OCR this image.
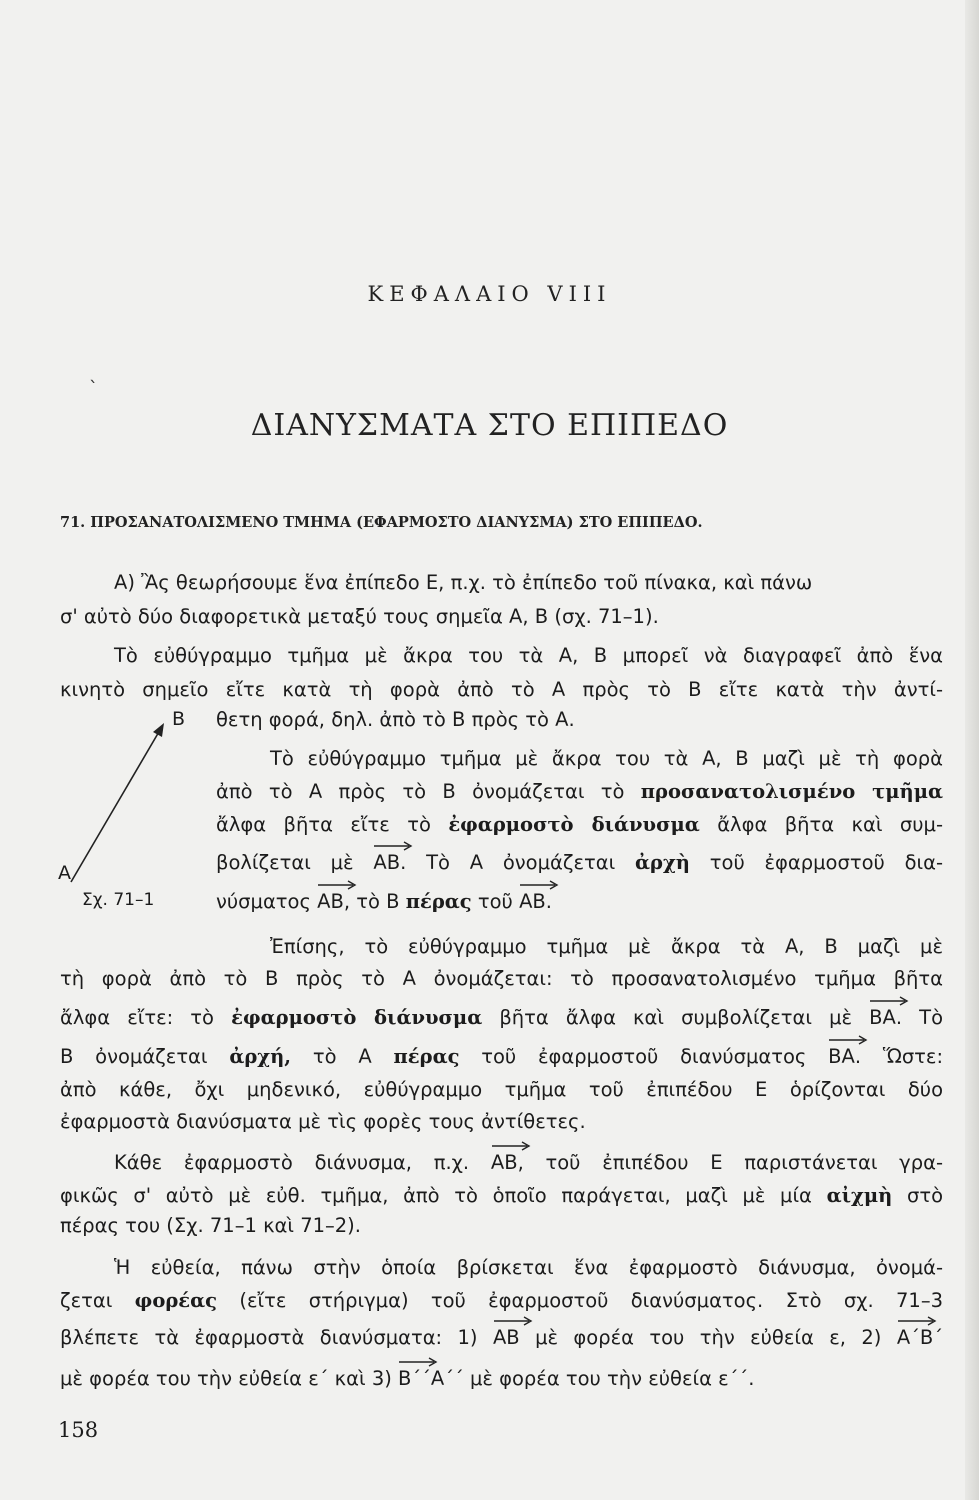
ΚΕΦΑΛΑΙΟ VIII
`
ΔΙΑΝΥΣΜΑΤΑ ΣΤΟ ΕΠΙΠΕΔΟ
71. ΠΡΟΣΑΝΑΤΟΛΙΣΜΕΝΟ ΤΜΗΜΑ (ΕΦΑΡΜΟΣΤΟ ΔΙΑΝΥΣΜΑ) ΣΤΟ ΕΠΙΠΕΔΟ.
B
A
Σχ. 71–1
Α) Ἂς θεωρήσουμε ἕνα ἐπίπεδο Ε, π.χ. τὸ ἐπίπεδο τοῦ πίνακα, καὶ πάνω
σ' αὐτὸ δύο διαφορετικὰ μεταξύ τους σημεῖα Α, Β (σχ. 71–1).
Τὸ εὐθύγραμμο τμῆμα μὲ ἄκρα του τὰ Α, Β μπορεῖ νὰ διαγραφεῖ ἀπὸ ἕνα
κινητὸ σημεῖο εἴτε κατὰ τὴ φορὰ ἀπὸ τὸ Α πρὸς τὸ Β εἴτε κατὰ τὴν ἀντί-
θετη φορά, δηλ. ἀπὸ τὸ Β πρὸς τὸ Α.
Τὸ εὐθύγραμμο τμῆμα μὲ ἄκρα του τὰ Α, Β μαζὶ μὲ τὴ φορὰ
ἀπὸ τὸ Α πρὸς τὸ Β ὀνομάζεται τὸ προσανατολισμένο τμῆμα
ἄλφα βῆτα εἴτε τὸ ἐφαρμοστὸ διάνυσμα ἄλφα βῆτα καὶ συμ-
βολίζεται μὲ ΑΒ. Τὸ Α ὀνομάζεται ἀρχὴ τοῦ ἐφαρμοστοῦ δια-
νύσματος ΑΒ, τὸ Β πέρας τοῦ ΑΒ.
Ἐπίσης, τὸ εὐθύγραμμο τμῆμα μὲ ἄκρα τὰ Α, Β μαζὶ μὲ
τὴ φορὰ ἀπὸ τὸ Β πρὸς τὸ Α ὀνομάζεται: τὸ προσανατολισμένο τμῆμα βῆτα
ἄλφα εἴτε: τὸ ἐφαρμοστὸ διάνυσμα βῆτα ἄλφα καὶ συμβολίζεται μὲ ΒΑ. Τὸ
Β ὀνομάζεται ἀρχή, τὸ Α πέρας τοῦ ἐφαρμοστοῦ διανύσματος ΒΑ. Ὥστε:
ἀπὸ κάθε, ὄχι μηδενικό, εὐθύγραμμο τμῆμα τοῦ ἐπιπέδου Ε ὁρίζονται δύο
ἐφαρμοστὰ διανύσματα μὲ τὶς φορὲς τους ἀντίθετες.
Κάθε ἐφαρμοστὸ διάνυσμα, π.χ. ΑΒ, τοῦ ἐπιπέδου Ε παριστάνεται γρα-
φικῶς σ' αὐτὸ μὲ εὐθ. τμῆμα, ἀπὸ τὸ ὁποῖο παράγεται, μαζὶ μὲ μία αἰχμὴ στὸ
πέρας του (Σχ. 71–1 καὶ 71–2).
Ἡ εὐθεία, πάνω στὴν ὁποία βρίσκεται ἕνα ἐφαρμοστὸ διάνυσμα, ὀνομά-
ζεται φορέας (εἴτε στήριγμα) τοῦ ἐφαρμοστοῦ διανύσματος. Στὸ σχ. 71–3
βλέπετε τὰ ἐφαρμοστὰ διανύσματα: 1) ΑΒ μὲ φορέα του τὴν εὐθεία ε, 2) Α΄Β΄
μὲ φορέα του τὴν εὐθεία ε΄ καὶ 3) Β΄΄Α΄΄ μὲ φορέα του τὴν εὐθεία ε΄΄.
158
